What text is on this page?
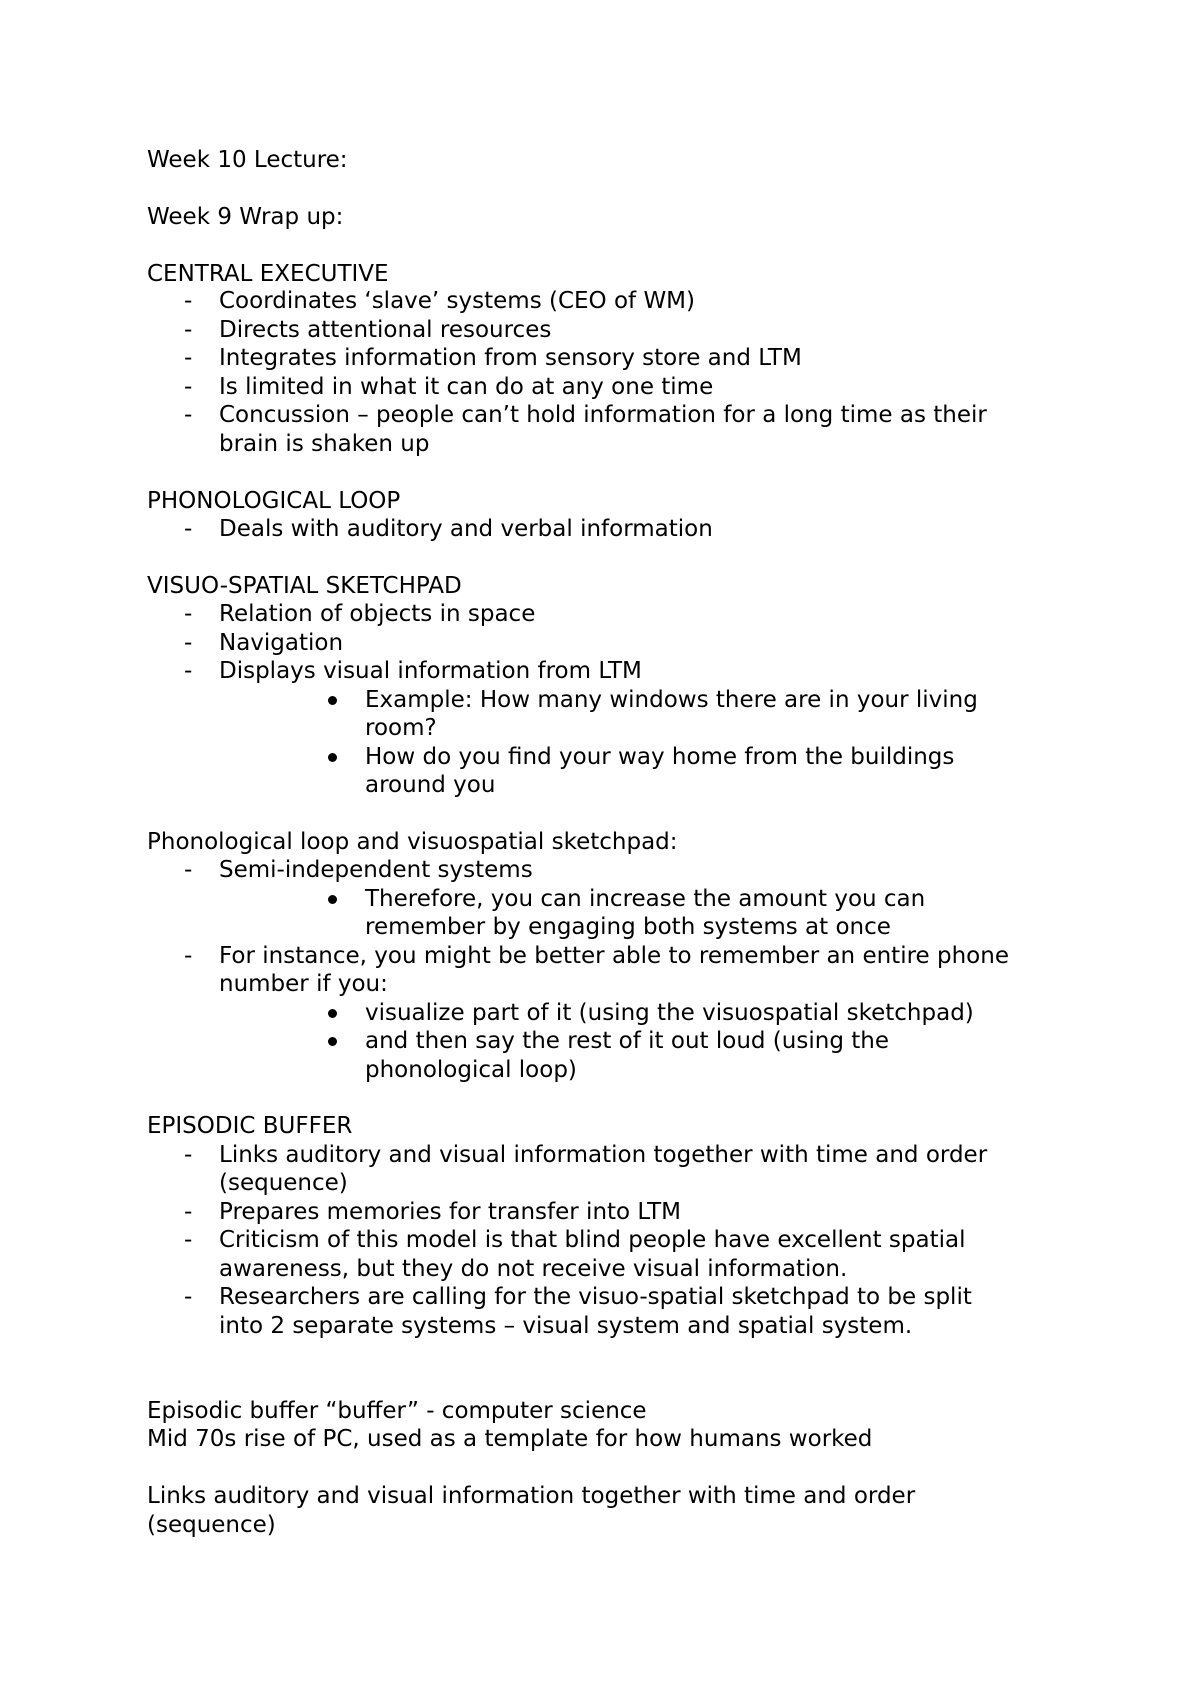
Week 10 Lecture:
Week 9 Wrap up:
CENTRAL EXECUTIVE
- Coordinates ‘slave’ systems (CEO of WM)
- Directs attentional resources
- Integrates information from sensory store and LTM
- Is limited in what it can do at any one time
- Concussion – people can’t hold information for a long time as their
brain is shaken up
PHONOLOGICAL LOOP
- Deals with auditory and verbal information
VISUO-SPATIAL SKETCHPAD
- Relation of objects in space
- Navigation
- Displays visual information from LTM
Example: How many windows there are in your living
room?
How do you find your way home from the buildings
around you
Phonological loop and visuospatial sketchpad:
- Semi-independent systems
Therefore, you can increase the amount you can
remember by engaging both systems at once
- For instance, you might be better able to remember an entire phone
number if you:
visualize part of it (using the visuospatial sketchpad)
and then say the rest of it out loud (using the
phonological loop)
EPISODIC BUFFER
- Links auditory and visual information together with time and order
(sequence)
- Prepares memories for transfer into LTM
- Criticism of this model is that blind people have excellent spatial
awareness, but they do not receive visual information.
- Researchers are calling for the visuo-spatial sketchpad to be split
into 2 separate systems – visual system and spatial system.
Episodic buffer “buffer” - computer science
Mid 70s rise of PC, used as a template for how humans worked
Links auditory and visual information together with time and order
(sequence)
